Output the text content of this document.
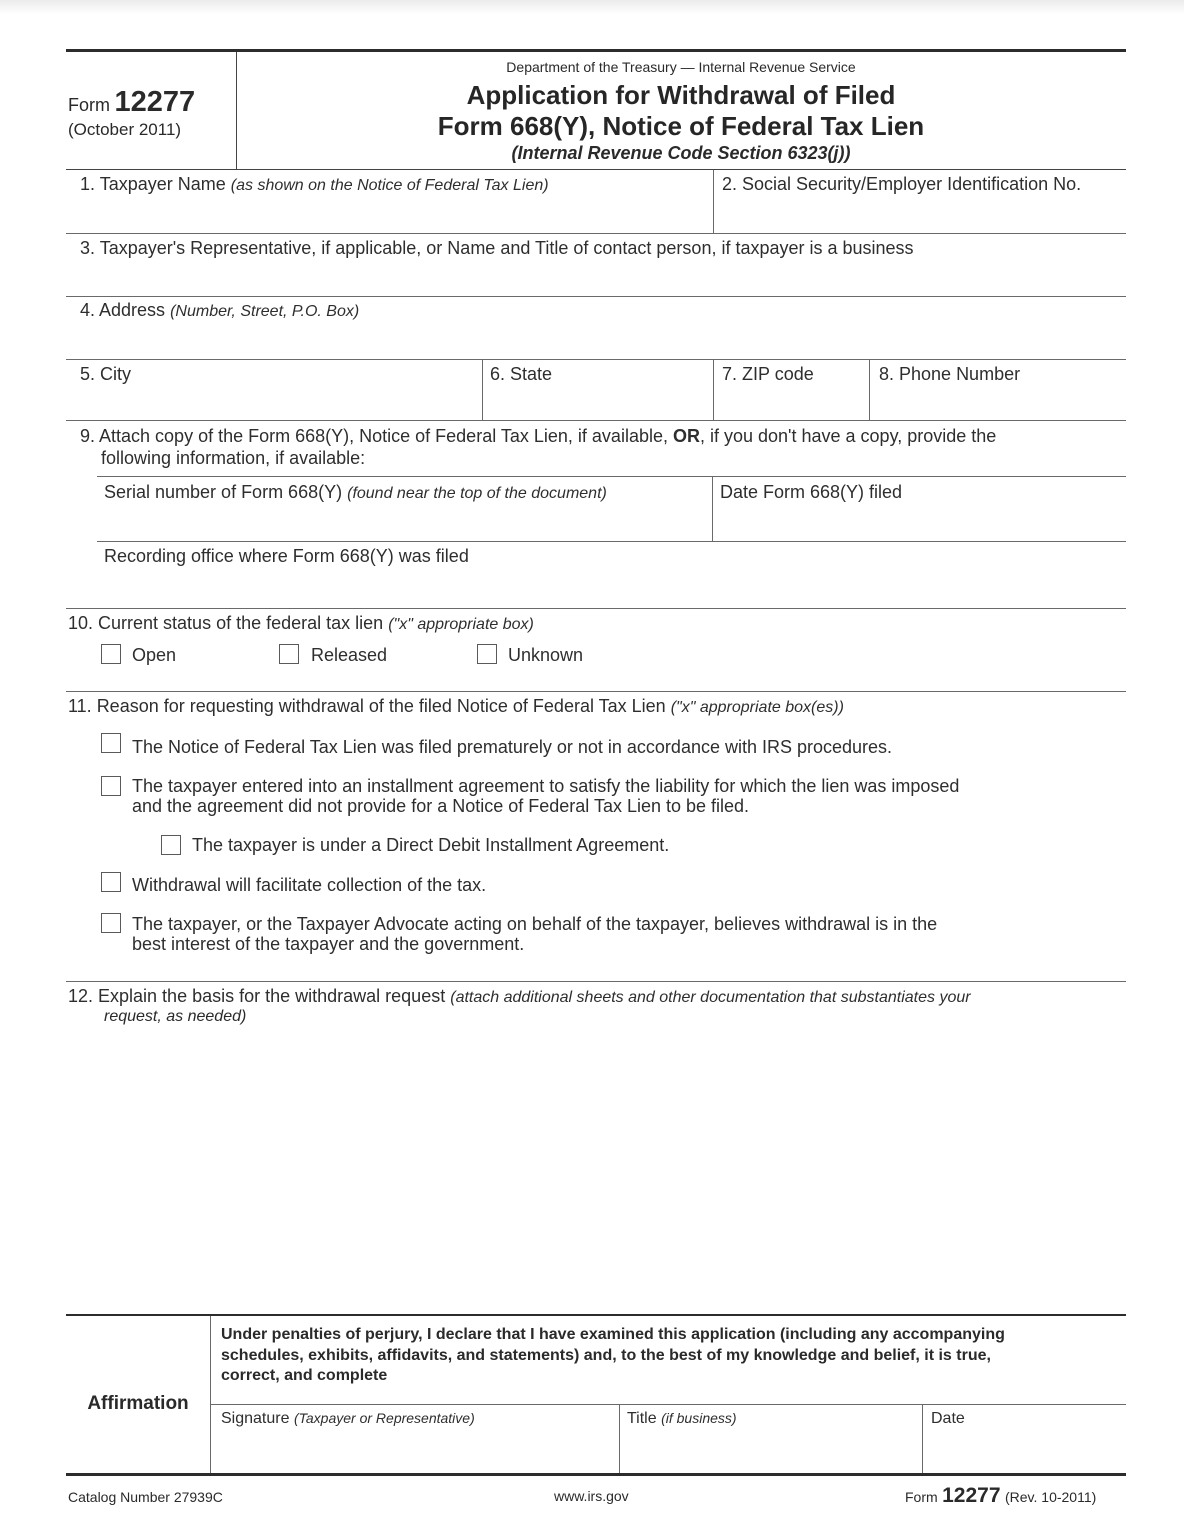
Form 12277
(October 2011)
Department of the Treasury — Internal Revenue Service
Application for Withdrawal of Filed
Form 668(Y), Notice of Federal Tax Lien
(Internal Revenue Code Section 6323(j))
1. Taxpayer Name (as shown on the Notice of Federal Tax Lien)	2. Social Security/Employer Identification No.
3. Taxpayer's Representative, if applicable, or Name and Title of contact person, if taxpayer is a business
4. Address (Number, Street, P.O. Box)
5. City	6. State	7. ZIP code	8. Phone Number
9. Attach copy of the Form 668(Y), Notice of Federal Tax Lien, if available, OR, if you don't have a copy, provide the
following information, if available:
Serial number of Form 668(Y) (found near the top of the document)	Date Form 668(Y) filed
Recording office where Form 668(Y) was filed
10. Current status of the federal tax lien ("x" appropriate box)
Open	Released	Unknown
11. Reason for requesting withdrawal of the filed Notice of Federal Tax Lien ("x" appropriate box(es))
The Notice of Federal Tax Lien was filed prematurely or not in accordance with IRS procedures.
The taxpayer entered into an installment agreement to satisfy the liability for which the lien was imposed
and the agreement did not provide for a Notice of Federal Tax Lien to be filed.
The taxpayer is under a Direct Debit Installment Agreement.
Withdrawal will facilitate collection of the tax.
The taxpayer, or the Taxpayer Advocate acting on behalf of the taxpayer, believes withdrawal is in the
best interest of the taxpayer and the government.
12. Explain the basis for the withdrawal request (attach additional sheets and other documentation that substantiates your
request, as needed)
Affirmation
Under penalties of perjury, I declare that I have examined this application (including any accompanying
schedules, exhibits, affidavits, and statements) and, to the best of my knowledge and belief, it is true,
correct, and complete
Signature (Taxpayer or Representative)	Title (if business)	Date
Catalog Number 27939C	www.irs.gov	Form 12277 (Rev. 10-2011)
